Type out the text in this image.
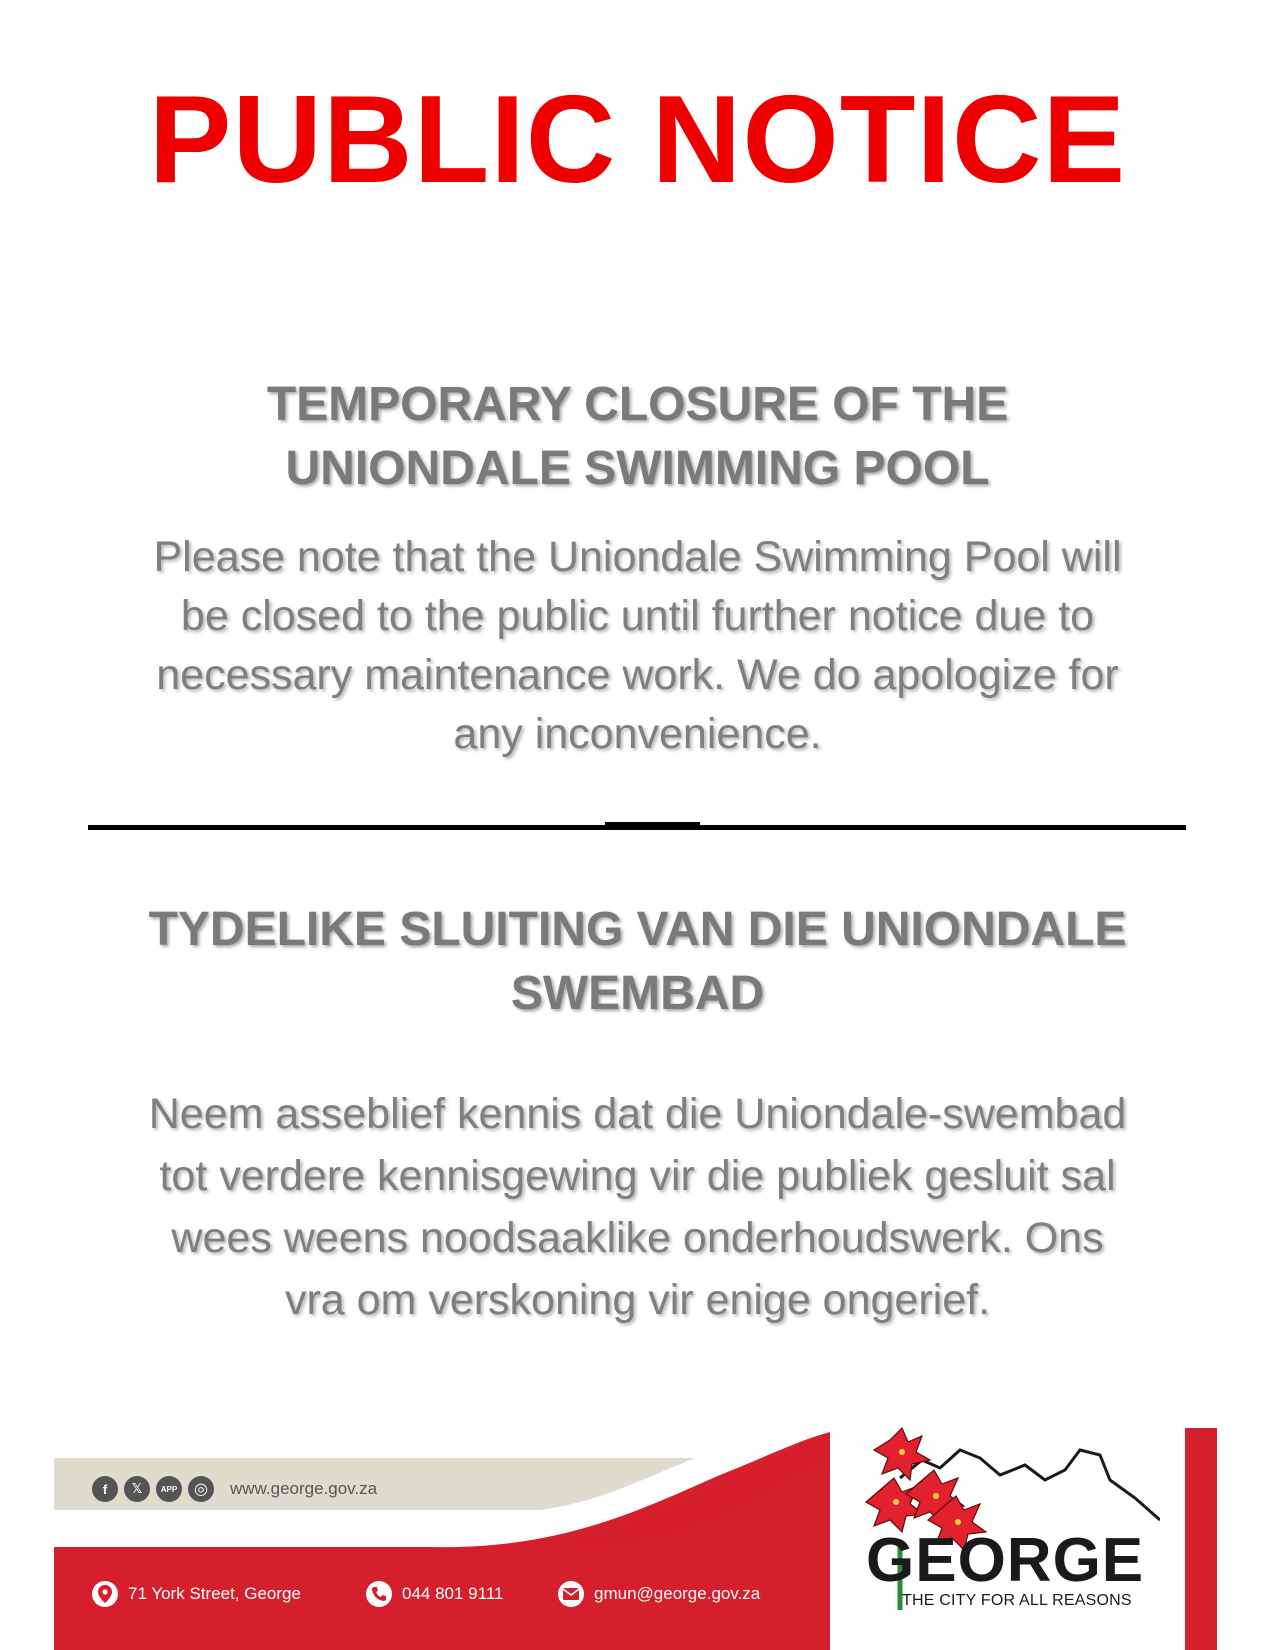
PUBLIC NOTICE
TEMPORARY CLOSURE OF THE
UNIONDALE SWIMMING POOL
Please note that the Uniondale Swimming Pool will
be closed to the public until further notice due to
necessary maintenance work. We do apologize for
any inconvenience.
TYDELIKE SLUITING VAN DIE UNIONDALE
SWEMBAD
Neem asseblief kennis dat die Uniondale-swembad
tot verdere kennisgewing vir die publiek gesluit sal
wees weens noodsaaklike onderhoudswerk. Ons
vra om verskoning vir enige ongerief.
f 𝕏 APP ◎ www.george.gov.za
71 York Street, George	044 801 9111	gmun@george.gov.za GEORGE
THE CITY FOR ALL REASONS
